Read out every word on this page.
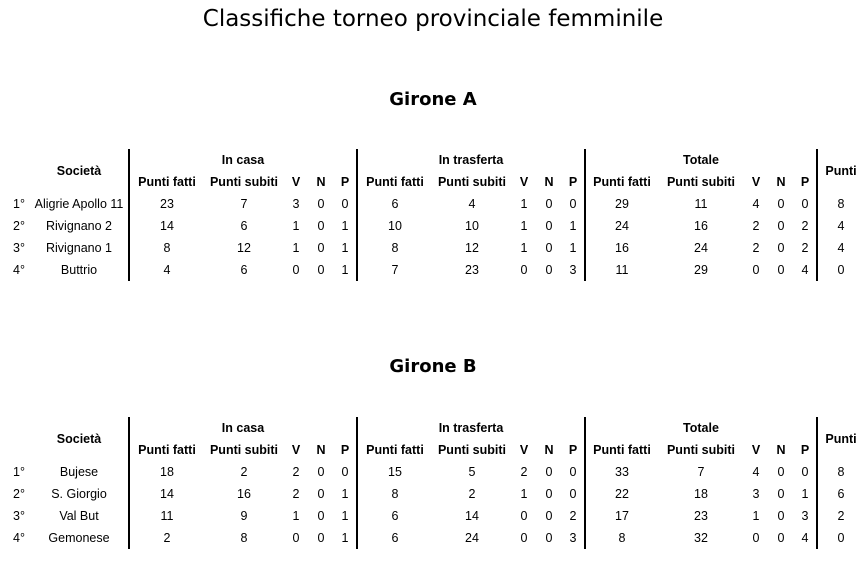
Classifiche torneo provinciale femminile
Girone A
	Società	In casa					In trasferta					Totale					Punti
		Punti fatti	Punti subiti	V	N	P	Punti fatti	Punti subiti	V	N	P	Punti fatti	Punti subiti	V	N	P	
1°	Aligrie Apollo 11	23	7	3	0	0	6	4	1	0	0	29	11	4	0	0	8
2°	Rivignano 2	14	6	1	0	1	10	10	1	0	1	24	16	2	0	2	4
3°	Rivignano 1	8	12	1	0	1	8	12	1	0	1	16	24	2	0	2	4
4°	Buttrio	4	6	0	0	1	7	23	0	0	3	11	29	0	0	4	0
Girone B
	Società	In casa					In trasferta					Totale					Punti
		Punti fatti	Punti subiti	V	N	P	Punti fatti	Punti subiti	V	N	P	Punti fatti	Punti subiti	V	N	P	
1°	Bujese	18	2	2	0	0	15	5	2	0	0	33	7	4	0	0	8
2°	S. Giorgio	14	16	2	0	1	8	2	1	0	0	22	18	3	0	1	6
3°	Val But	11	9	1	0	1	6	14	0	0	2	17	23	1	0	3	2
4°	Gemonese	2	8	0	0	1	6	24	0	0	3	8	32	0	0	4	0
